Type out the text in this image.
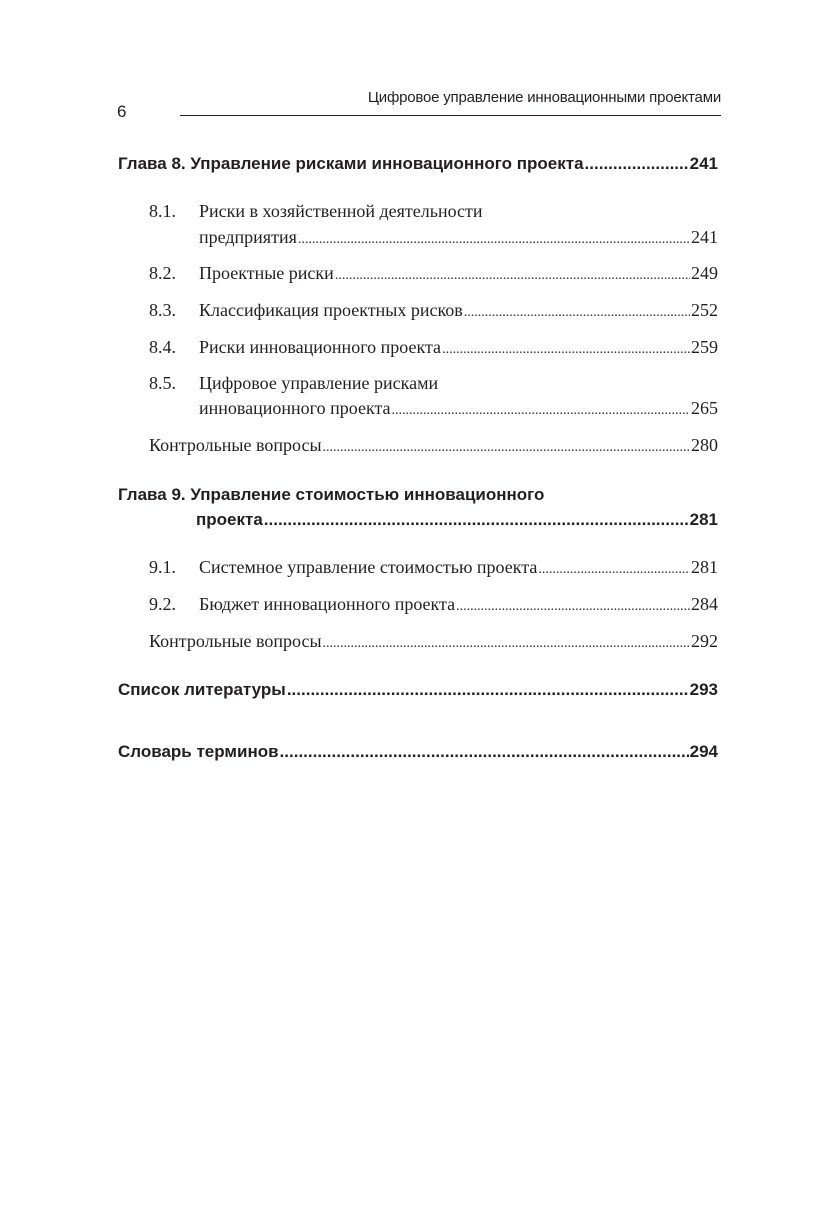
6
Цифровое управление инновационными проектами
Глава 8. Управление рисками инновационного проекта .....	241
8.1.	Риски в хозяйственной деятельности
предприятия .....	241
8.2.	Проектные риски .....	249
8.3.	Классификация проектных рисков .....	252
8.4.	Риски инновационного проекта .....	259
8.5.	Цифровое управление рисками
инновационного проекта .....	265
Контрольные вопросы .....	280
Глава 9. Управление стоимостью инновационного
проекта .....	281
9.1.	Системное управление стоимостью проекта .....	281
9.2.	Бюджет инновационного проекта .....	284
Контрольные вопросы .....	292
Список литературы .....	293
Словарь терминов .....	294
